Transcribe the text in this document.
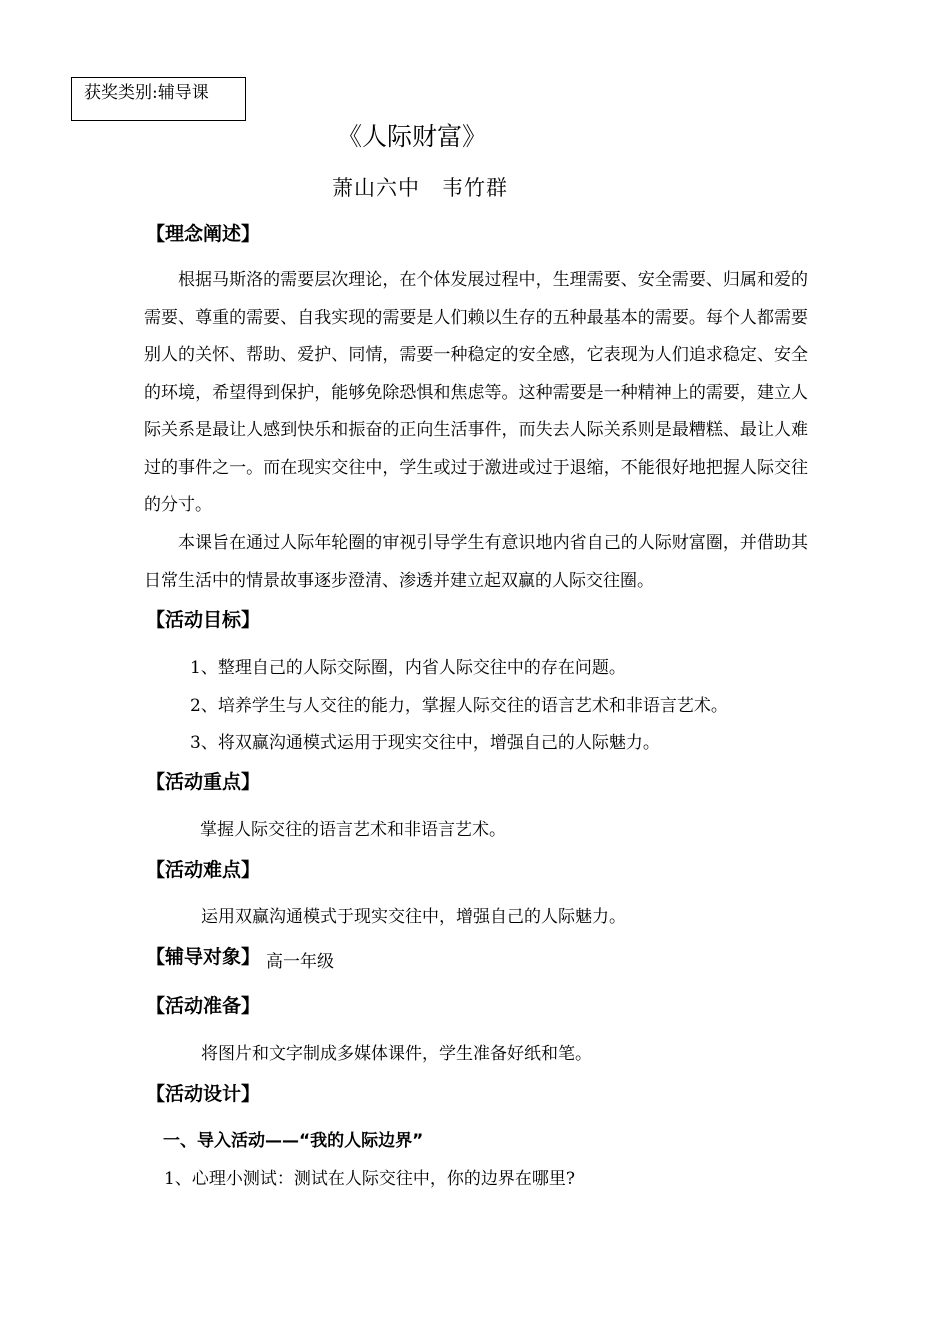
获奖类别:辅导课
《人际财富》
萧山六中　韦竹群
【理念阐述】
根据马斯洛的需要层次理论，在个体发展过程中，生理需要、安全需要、归属和爱的需要、尊重的需要、自我实现的需要是人们赖以生存的五种最基本的需要。每个人都需要别人的关怀、帮助、爱护、同情，需要一种稳定的安全感，它表现为人们追求稳定、安全的环境，希望得到保护，能够免除恐惧和焦虑等。这种需要是一种精神上的需要，建立人际关系是最让人感到快乐和振奋的正向生活事件，而失去人际关系则是最糟糕、最让人难过的事件之一。而在现实交往中，学生或过于激进或过于退缩，不能很好地把握人际交往的分寸。
本课旨在通过人际年轮圈的审视引导学生有意识地内省自己的人际财富圈，并借助其日常生活中的情景故事逐步澄清、渗透并建立起双赢的人际交往圈。
【活动目标】
1、整理自己的人际交际圈，内省人际交往中的存在问题。
2、培养学生与人交往的能力，掌握人际交往的语言艺术和非语言艺术。
3、将双赢沟通模式运用于现实交往中，增强自己的人际魅力。
【活动重点】
掌握人际交往的语言艺术和非语言艺术。
【活动难点】
运用双赢沟通模式于现实交往中，增强自己的人际魅力。
【辅导对象】 高一年级
【活动准备】
将图片和文字制成多媒体课件，学生准备好纸和笔。
【活动设计】
一、导入活动——“我的人际边界”
1、心理小测试：测试在人际交往中，你的边界在哪里?
